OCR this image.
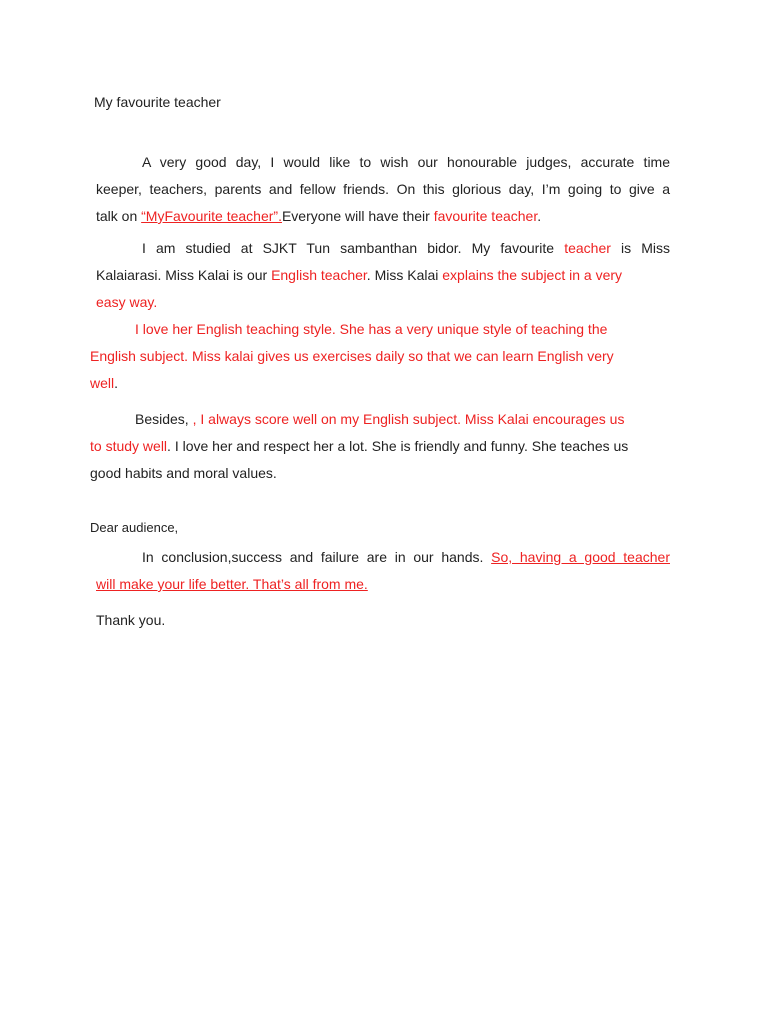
My favourite teacher

A very good day, I would like to wish our honourable judges, accurate time

keeper, teachers, parents and fellow friends. On this glorious day, I’m going to give a

talk on “MyFavourite teacher”.Everyone will have their favourite teacher.

I am studied at SJKT Tun sambanthan bidor. My favourite teacher is Miss

Kalaiarasi. Miss Kalai is our English teacher. Miss Kalai explains the subject in a very

easy way.

I love her English teaching style. She has a very unique style of teaching the

English subject. Miss kalai gives us exercises daily so that we can learn English very

well.

Besides, , I always score well on my English subject. Miss Kalai encourages us

to study well. I love her and respect her a lot. She is friendly and funny. She teaches us

good habits and moral values.

Dear audience,

In conclusion,success and failure are in our hands. So, having a good teacher

will make your life better. That’s all from me.

Thank you.
